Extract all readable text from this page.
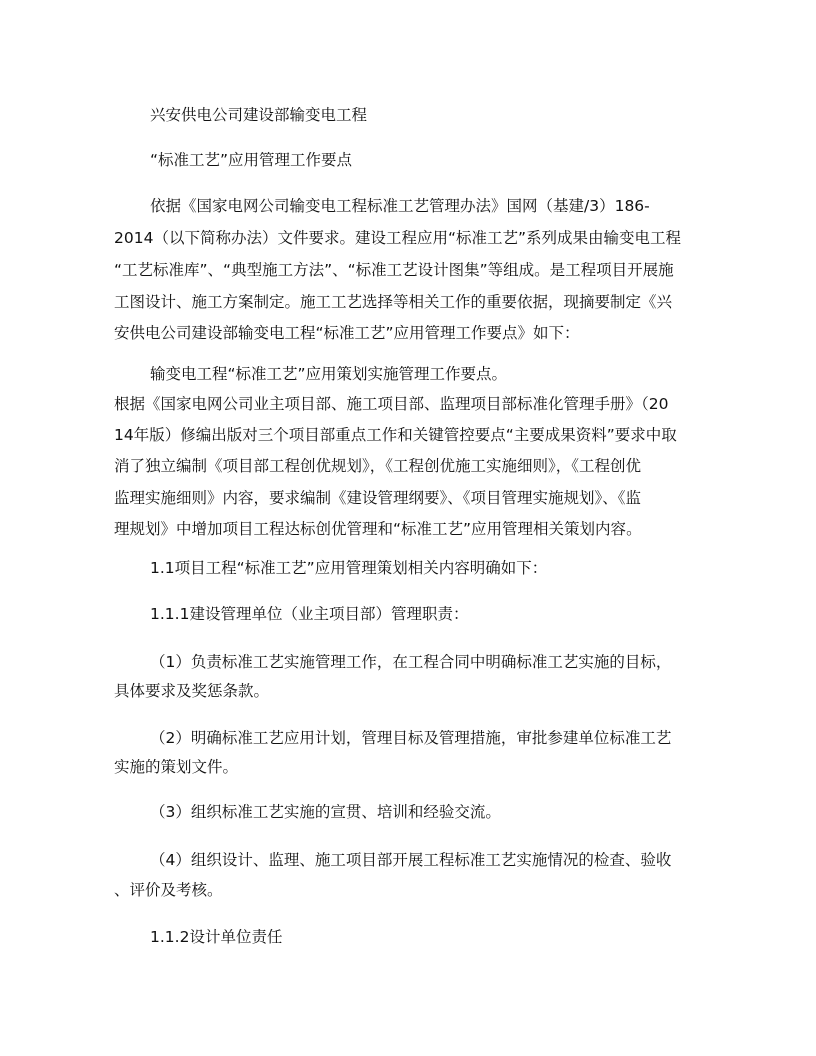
兴安供电公司建设部输变电工程

“标准工艺”应用管理工作要点

依据《国家电网公司输变电工程标准工艺管理办法》国网（基建/3）186-

2014（以下简称办法）文件要求。建设工程应用“标准工艺”系列成果由输变电工程

“工艺标准库”、“典型施工方法”、“标准工艺设计图集”等组成。是工程项目开展施

工图设计、施工方案制定。施工工艺选择等相关工作的重要依据，现摘要制定《兴

安供电公司建设部输变电工程“标准工艺”应用管理工作要点》如下：

输变电工程“标准工艺”应用策划实施管理工作要点。

根据《国家电网公司业主项目部、施工项目部、监理项目部标准化管理手册》（20

14年版）修编出版对三个项目部重点工作和关键管控要点“主要成果资料”要求中取

消了独立编制《项目部工程创优规划》，《工程创优施工实施细则》，《工程创优

监理实施细则》内容，要求编制《建设管理纲要》、《项目管理实施规划》、《监

理规划》中增加项目工程达标创优管理和“标准工艺”应用管理相关策划内容。

1.1项目工程“标准工艺”应用管理策划相关内容明确如下：

1.1.1建设管理单位（业主项目部）管理职责：

（1）负责标准工艺实施管理工作，在工程合同中明确标准工艺实施的目标，

具体要求及奖惩条款。

（2）明确标准工艺应用计划，管理目标及管理措施，审批参建单位标准工艺

实施的策划文件。

（3）组织标准工艺实施的宣贯、培训和经验交流。

（4）组织设计、监理、施工项目部开展工程标准工艺实施情况的检查、验收

、评价及考核。

1.1.2设计单位责任
